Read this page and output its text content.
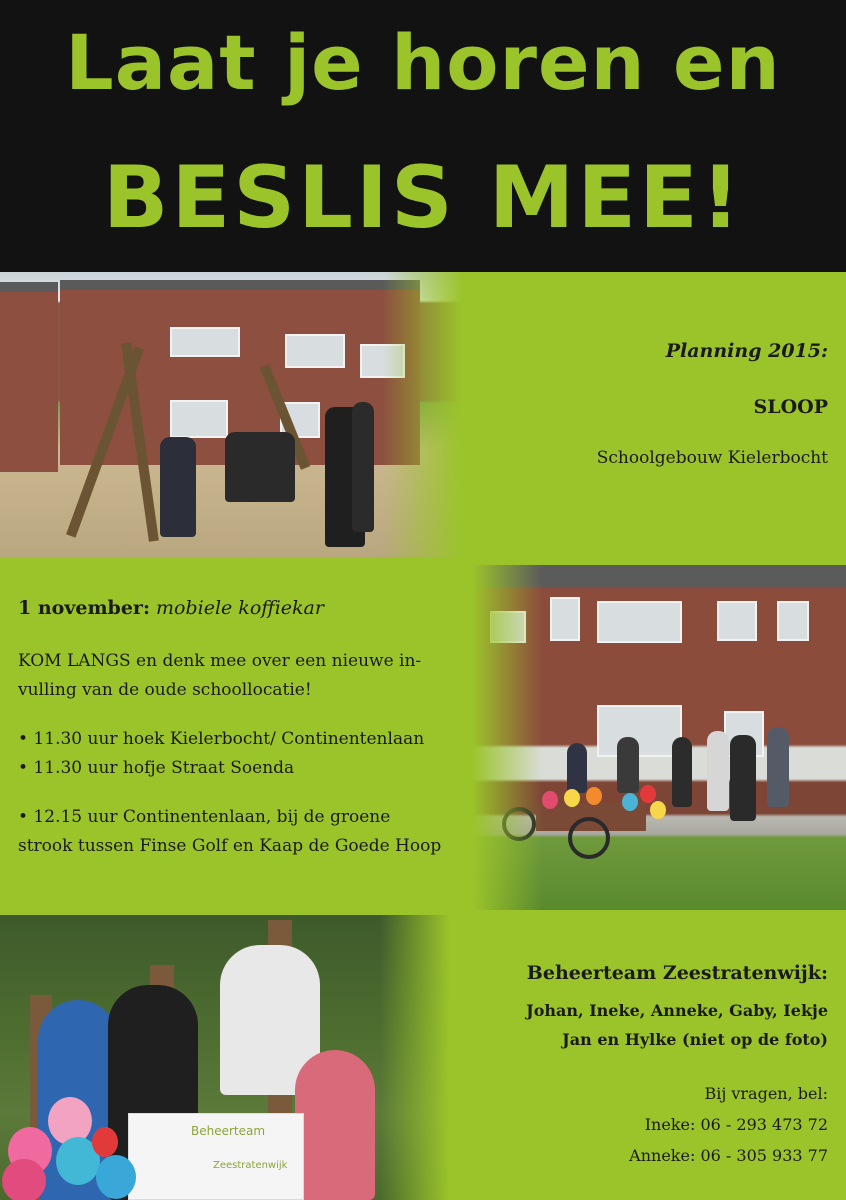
Laat je horen en
BESLIS MEE!
Planning 2015:
SLOOP
Schoolgebouw Kielerbocht
1 november: mobiele koffiekar

KOM LANGS en denk mee over een nieuwe in-

vulling van de oude schoollocatie!

• 11.30 uur hoek Kielerbocht/ Continentenlaan

• 11.30 uur hofje Straat Soenda

• 12.15 uur Continentenlaan, bij de groene

strook tussen Finse Golf en Kaap de Goede Hoop

Beheerteam
Zeestratenwijk
Beheerteam Zeestratenwijk:
Johan, Ineke, Anneke, Gaby, Iekje
Jan en Hylke (niet op de foto)
Bij vragen, bel:
Ineke: 06 - 293 473 72
Anneke: 06 - 305 933 77
